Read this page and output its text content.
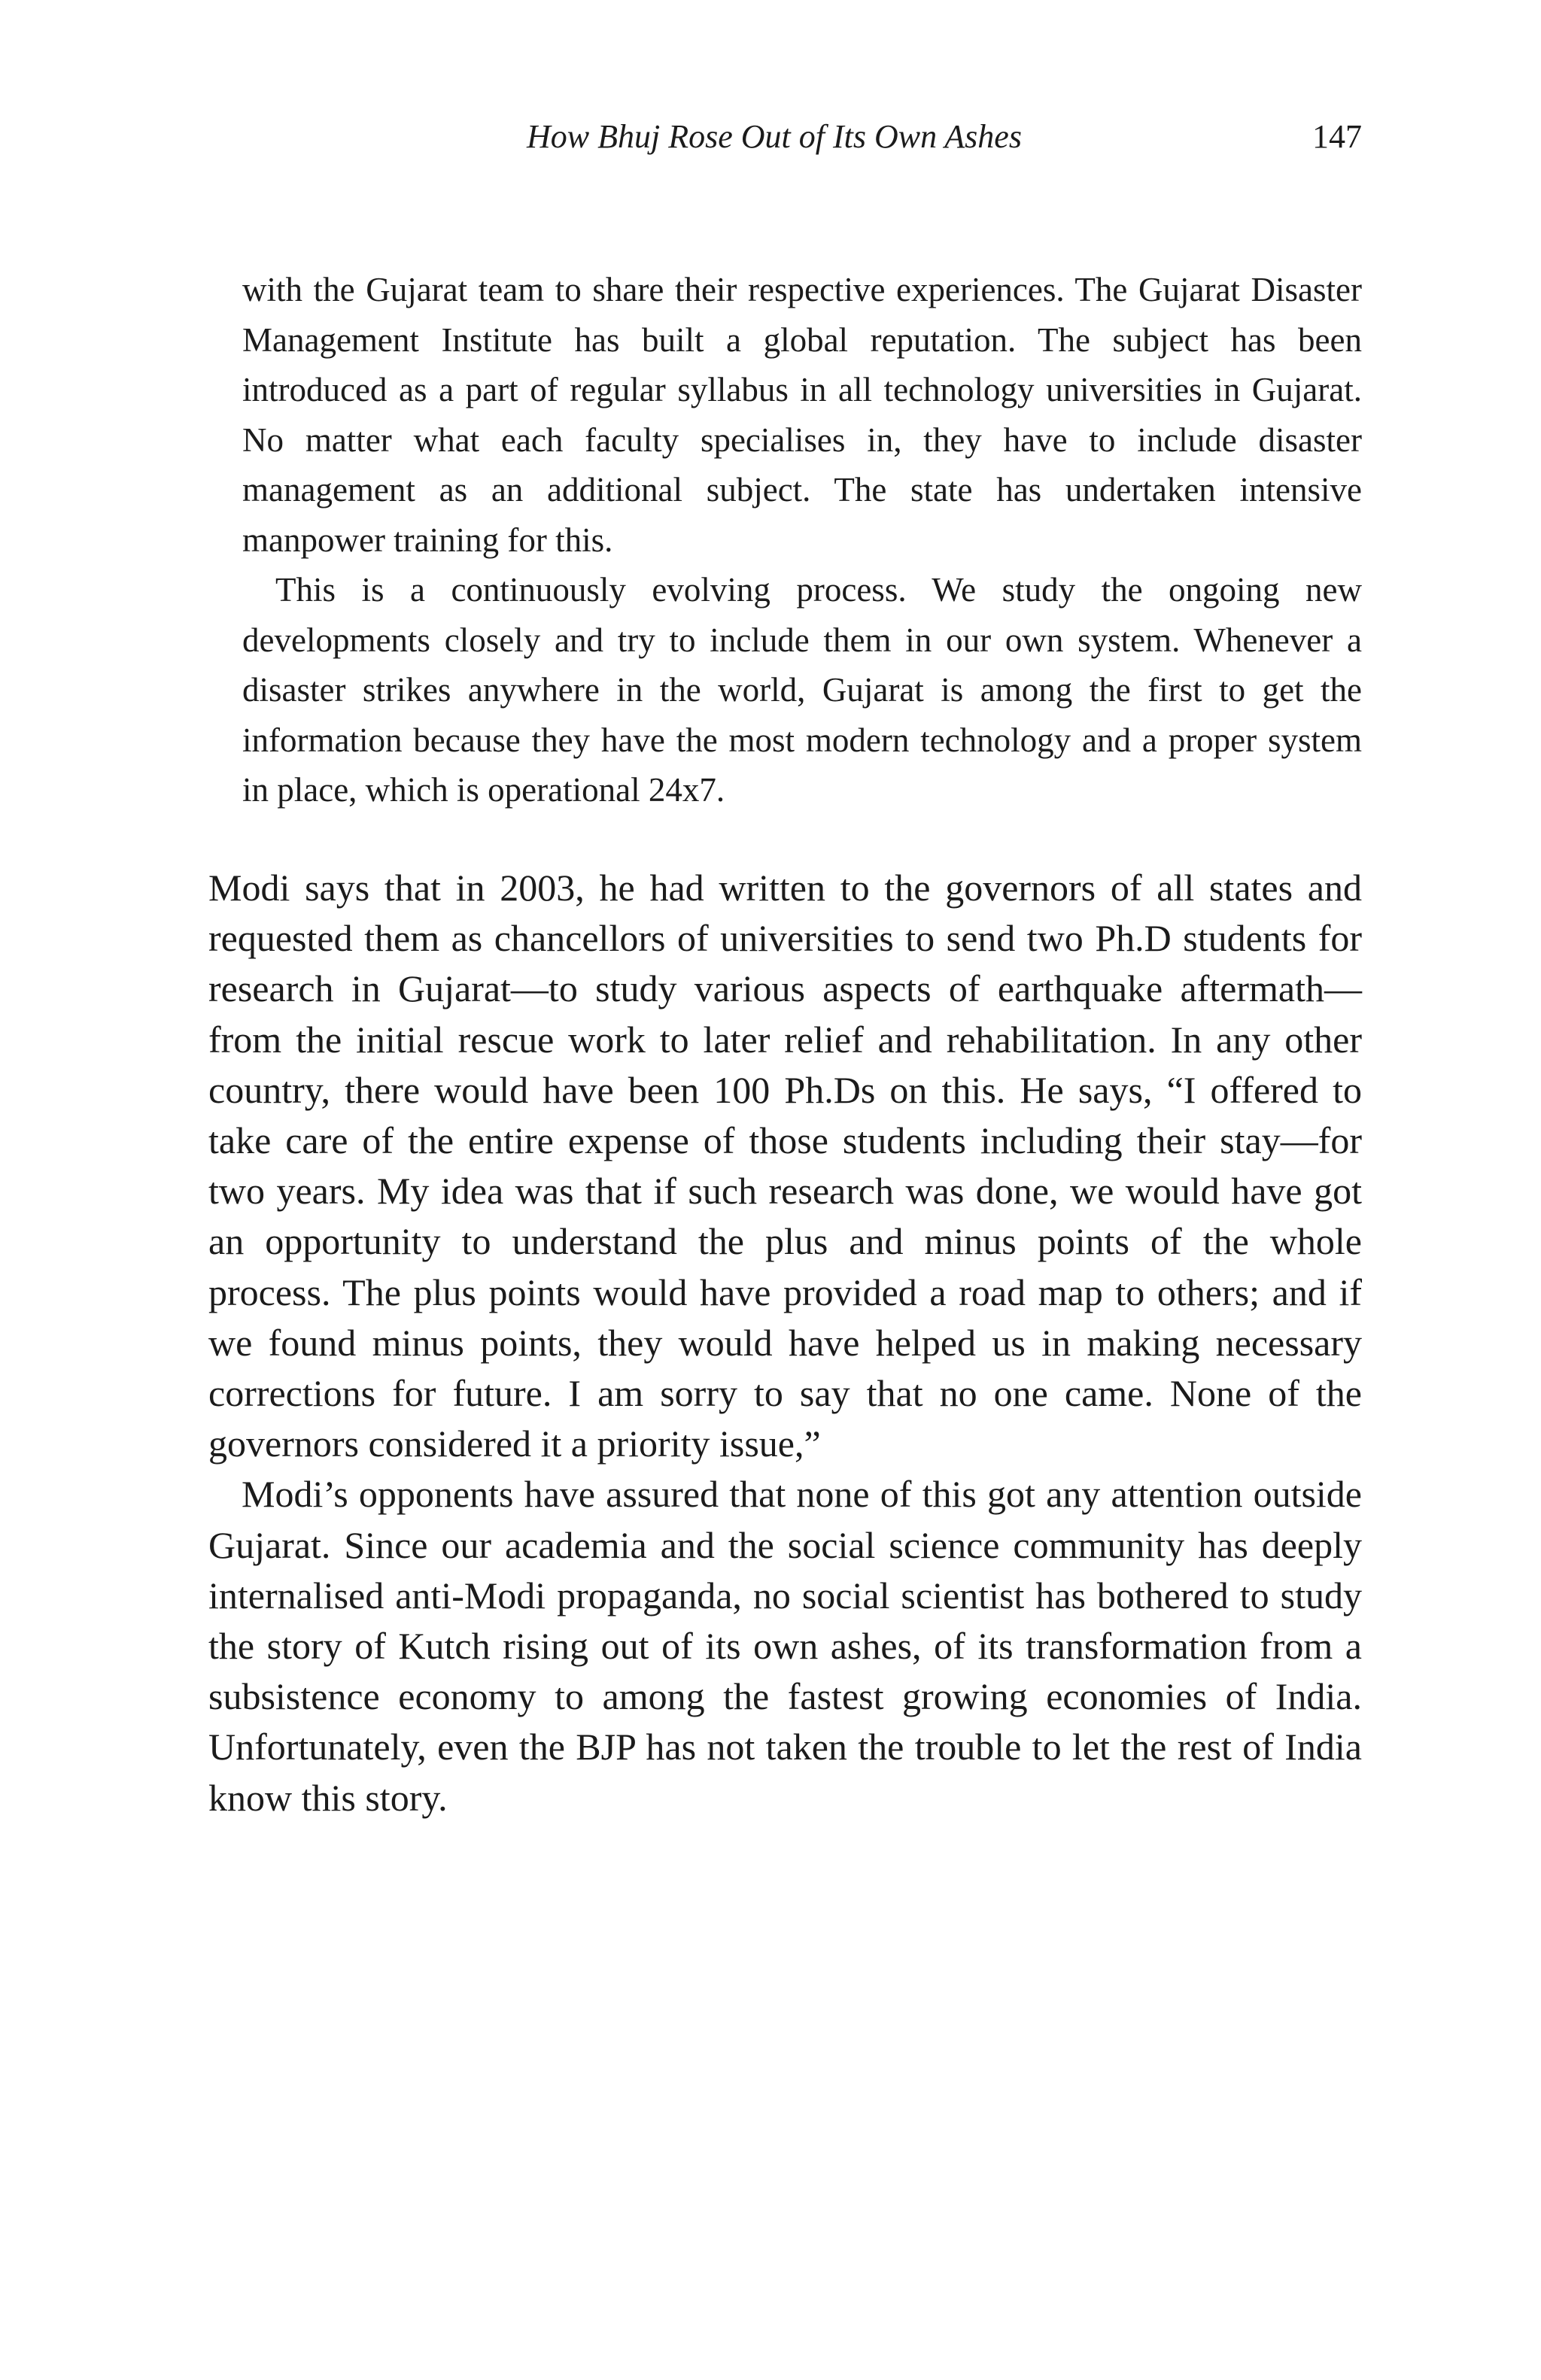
How Bhuj Rose Out of Its Own Ashes	147

with the Gujarat team to share their respective experiences. The Gujarat Disaster Management Institute has built a global reputation. The subject has been introduced as a part of regular syllabus in all technology universities in Gujarat. No matter what each faculty specialises in, they have to include disaster management as an additional subject. The state has undertaken intensive manpower training for this.

This is a continuously evolving process. We study the ongoing new developments closely and try to include them in our own system. Whenever a disaster strikes anywhere in the world, Gujarat is among the first to get the information because they have the most modern technology and a proper system in place, which is operational 24x7.

Modi says that in 2003, he had written to the governors of all states and requested them as chancellors of universities to send two Ph.D students for research in Gujarat—to study various aspects of earthquake aftermath—from the initial rescue work to later relief and rehabilitation. In any other country, there would have been 100 Ph.Ds on this. He says, “I offered to take care of the entire expense of those students including their stay—for two years. My idea was that if such research was done, we would have got an opportunity to understand the plus and minus points of the whole process. The plus points would have provided a road map to others; and if we found minus points, they would have helped us in making necessary corrections for future. I am sorry to say that no one came. None of the governors considered it a priority issue,”

Modi’s opponents have assured that none of this got any attention outside Gujarat. Since our academia and the social science community has deeply internalised anti-Modi propaganda, no social scientist has bothered to study the story of Kutch rising out of its own ashes, of its transformation from a subsistence economy to among the fastest growing economies of India. Unfortunately, even the BJP has not taken the trouble to let the rest of India know this story.
